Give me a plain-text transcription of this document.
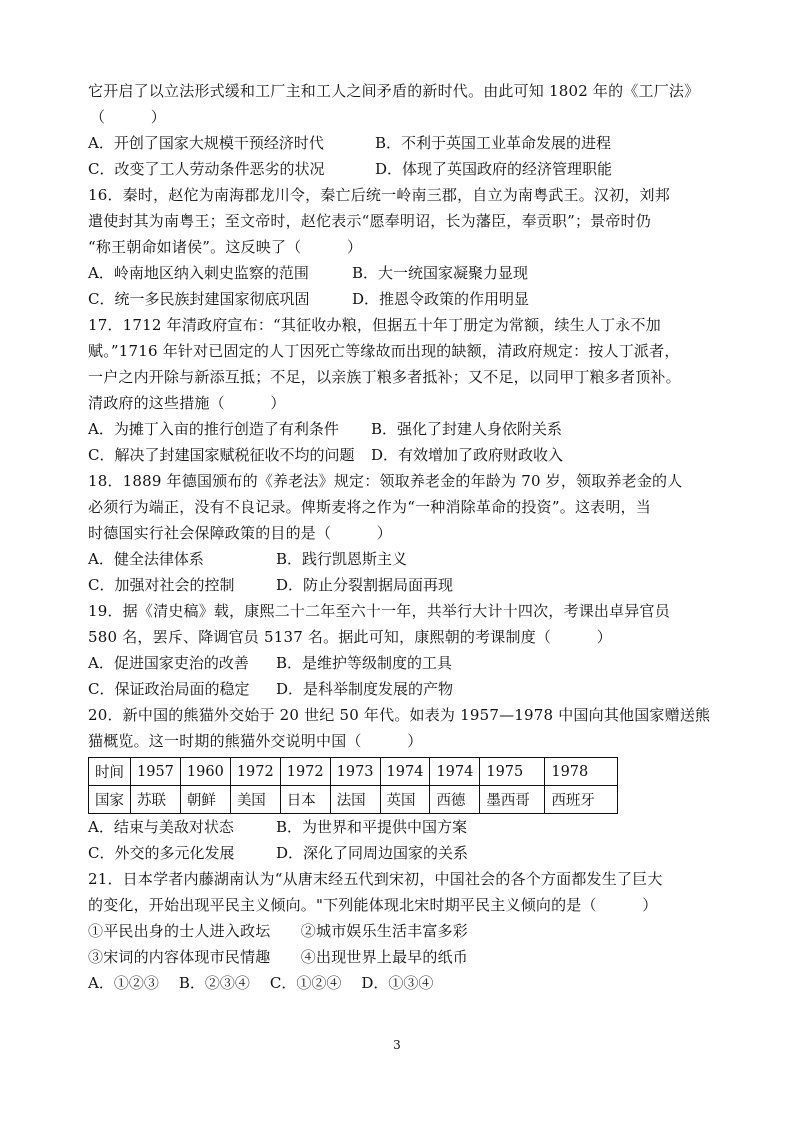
它开启了以立法形式缓和工厂主和工人之间矛盾的新时代。由此可知 1802 年的《工厂法》
（　　　）
A．开创了国家大规模干预经济时代	B．不利于英国工业革命发展的进程
C．改变了工人劳动条件恶劣的状况	D．体现了英国政府的经济管理职能
16．秦时，赵佗为南海郡龙川令，秦亡后统一岭南三郡，自立为南粤武王。汉初，刘邦
遣使封其为南粤王；至文帝时，赵佗表示“愿奉明诏，长为藩臣，奉贡职”；景帝时仍
“称王朝命如诸侯”。这反映了（　　　）
A．岭南地区纳入刺史监察的范围	B．大一统国家凝聚力显现
C．统一多民族封建国家彻底巩固	D．推恩令政策的作用明显
17．1712 年清政府宣布：“其征收办粮，但据五十年丁册定为常额，续生人丁永不加
赋。”1716 年针对已固定的人丁因死亡等缘故而出现的缺额，清政府规定：按人丁派者，
一户之内开除与新添互抵；不足，以亲族丁粮多者抵补；又不足，以同甲丁粮多者顶补。
清政府的这些措施（　　　）
A．为摊丁入亩的推行创造了有利条件	B．强化了封建人身依附关系
C．解决了封建国家赋税征收不均的问题	D．有效增加了政府财政收入
18．1889 年德国颁布的《养老法》规定：领取养老金的年龄为 70 岁，领取养老金的人
必须行为端正，没有不良记录。俾斯麦将之作为“一种消除革命的投资”。这表明，当
时德国实行社会保障政策的目的是（　　　）
A．健全法律体系	B．践行凯恩斯主义
C．加强对社会的控制	D．防止分裂割据局面再现
19．据《清史稿》载，康熙二十二年至六十一年，共举行大计十四次，考课出卓异官员
580 名，罢斥、降调官员 5137 名。据此可知，康熙朝的考课制度（　　　）
A．促进国家吏治的改善	B．是维护等级制度的工具
C．保证政治局面的稳定	D．是科举制度发展的产物
20．新中国的熊猫外交始于 20 世纪 50 年代。如表为 1957—1978 中国向其他国家赠送熊
猫概览。这一时期的熊猫外交说明中国（　　　）
时间	1957	1960	1972	1972	1973	1974	1974	1975	1978
国家	苏联	朝鲜	美国	日本	法国	英国	西德	墨西哥	西班牙
A．结束与美敌对状态	B．为世界和平提供中国方案
C．外交的多元化发展	D．深化了同周边国家的关系
21．日本学者内藤湖南认为“从唐末经五代到宋初，中国社会的各个方面都发生了巨大
的变化，开始出现平民主义倾向。"下列能体现北宋时期平民主义倾向的是（　　　）
①平民出身的士人进入政坛　　②城市娱乐生活丰富多彩
③宋词的内容体现市民情趣　　④出现世界上最早的纸币
A．①②③ B．②③④ C．①②④ D．①③④
3
